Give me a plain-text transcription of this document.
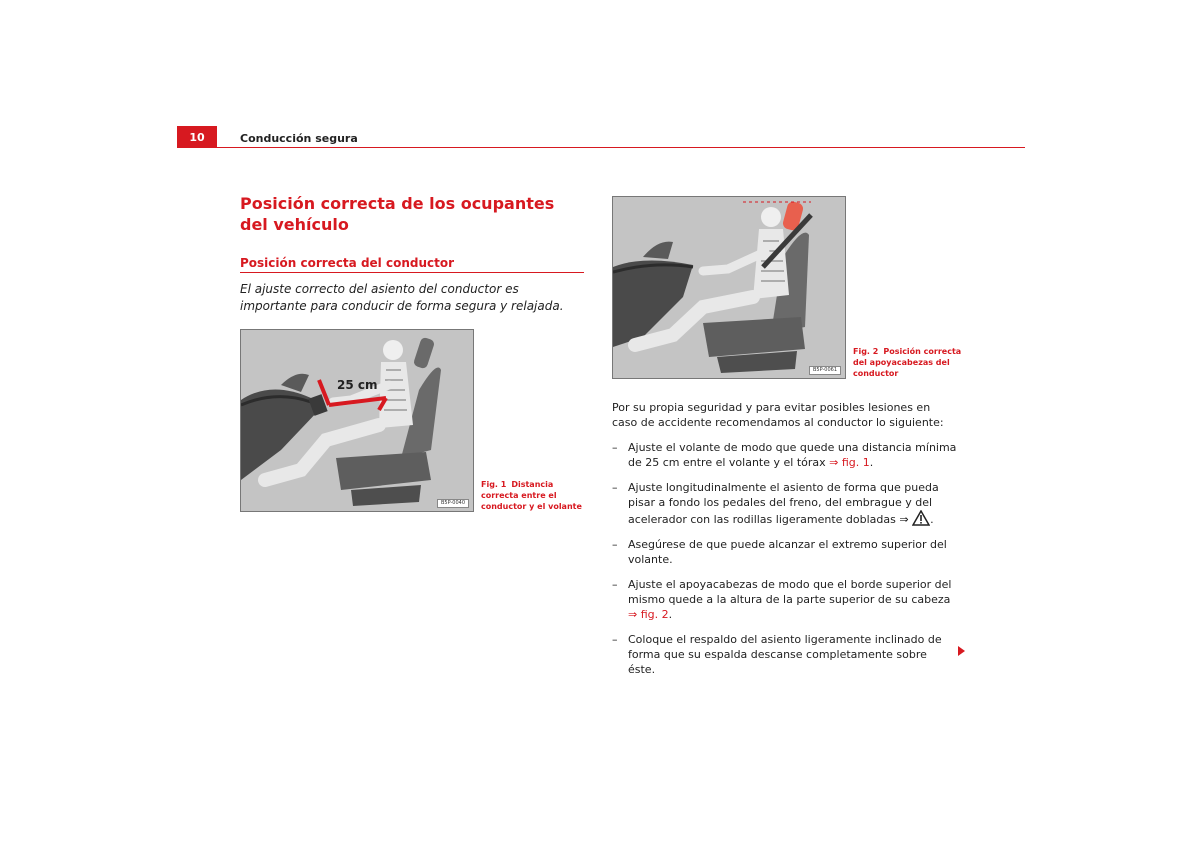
10	Conducción segura
Posición correcta de los ocupantes del vehículo
Posición correcta del conductor
El ajuste correcto del asiento del conductor es importante para conducir de forma segura y relajada.
25 cm
B5P-0040
Fig. 1 Distancia correcta entre el conductor y el volante
B5P-0061
Fig. 2 Posición correcta del apoyacabezas del conductor
Por su propia seguridad y para evitar posibles lesiones en caso de accidente recomendamos al conductor lo siguiente:
– Ajuste el volante de modo que quede una distancia mínima de 25 cm entre el volante y el tórax ⇒ fig. 1.
– Ajuste longitudinalmente el asiento de forma que pueda pisar a fondo los pedales del freno, del embrague y del acelerador con las rodillas ligeramente dobladas ⇒ .
– Asegúrese de que puede alcanzar el extremo superior del volante.
– Ajuste el apoyacabezas de modo que el borde superior del mismo quede a la altura de la parte superior de su cabeza ⇒ fig. 2.
– Coloque el respaldo del asiento ligeramente inclinado de forma que su espalda descanse completamente sobre éste.
